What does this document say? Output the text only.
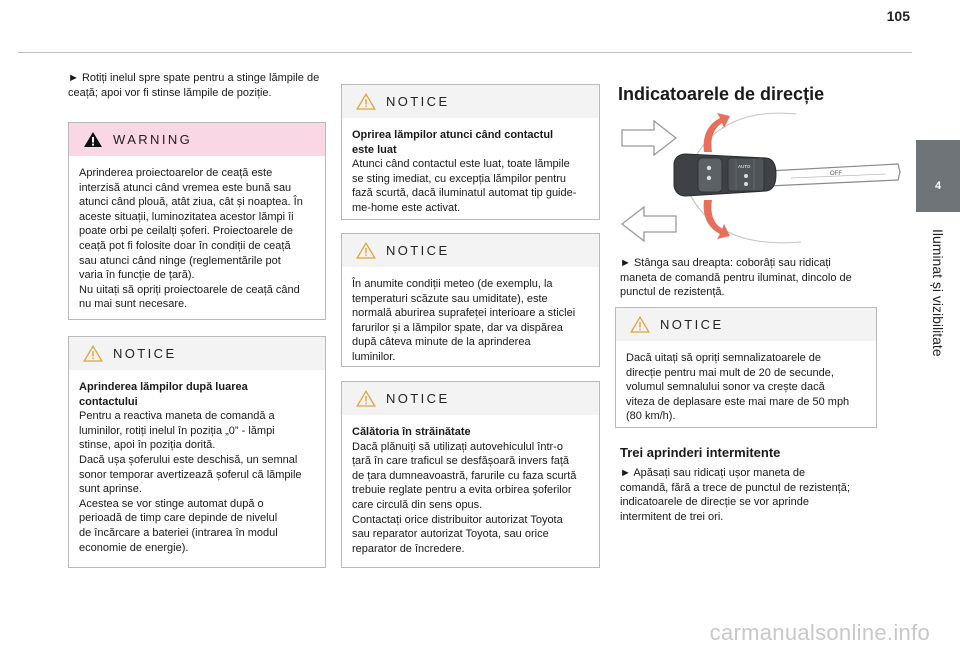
105
4
Iluminat și vizibilitate
► Rotiți inelul spre spate pentru a stinge lămpile de ceață; apoi vor fi stinse lămpile de poziție.
WARNING
Aprinderea proiectoarelor de ceață este
interzisă atunci când vremea este bună sau
atunci când plouă, atât ziua, cât și noaptea. În
aceste situații, luminozitatea acestor lămpi îi
poate orbi pe ceilalți șoferi. Proiectoarele de
ceață pot fi folosite doar în condiții de ceață
sau atunci când ninge (reglementările pot
varia în funcție de țară).
Nu uitați să opriți proiectoarele de ceață când
nu mai sunt necesare.
NOTICE
Aprinderea lămpilor după luarea
contactului
Pentru a reactiva maneta de comandă a
luminilor, rotiți inelul în poziția „0” - lămpi
stinse, apoi în poziția dorită.
Dacă ușa șoferului este deschisă, un semnal
sonor temporar avertizează șoferul că lămpile
sunt aprinse.
Acestea se vor stinge automat după o
perioadă de timp care depinde de nivelul
de încărcare a bateriei (intrarea în modul
economie de energie).
NOTICE
Oprirea lămpilor atunci când contactul
este luat
Atunci când contactul este luat, toate lămpile
se sting imediat, cu excepția lămpilor pentru
fază scurtă, dacă iluminatul automat tip guide-
me-home este activat.
NOTICE
În anumite condiții meteo (de exemplu, la
temperaturi scăzute sau umiditate), este
normală aburirea suprafeței interioare a sticlei
farurilor și a lămpilor spate, dar va dispărea
după câteva minute de la aprinderea
luminilor.
NOTICE
Călătoria în străinătate
Dacă plănuiți să utilizați autovehiculul într-o
țară în care traficul se desfășoară invers față
de țara dumneavoastră, farurile cu faza scurtă
trebuie reglate pentru a evita orbirea șoferilor
care circulă din sens opus.
Contactați orice distribuitor autorizat Toyota
sau reparator autorizat Toyota, sau orice
reparator de încredere.
Indicatoarele de direcție
OFF
AUTO
► Stânga sau dreapta: coborâți sau ridicați
maneta de comandă pentru iluminat, dincolo de
punctul de rezistență.
NOTICE
Dacă uitați să opriți semnalizatoarele de
direcție pentru mai mult de 20 de secunde,
volumul semnalului sonor va crește dacă
viteza de deplasare este mai mare de 50 mph
(80 km/h).
Trei aprinderi intermitente
► Apăsați sau ridicați ușor maneta de
comandă, fără a trece de punctul de rezistență;
indicatoarele de direcție se vor aprinde
intermitent de trei ori.
carmanualsonline.info
